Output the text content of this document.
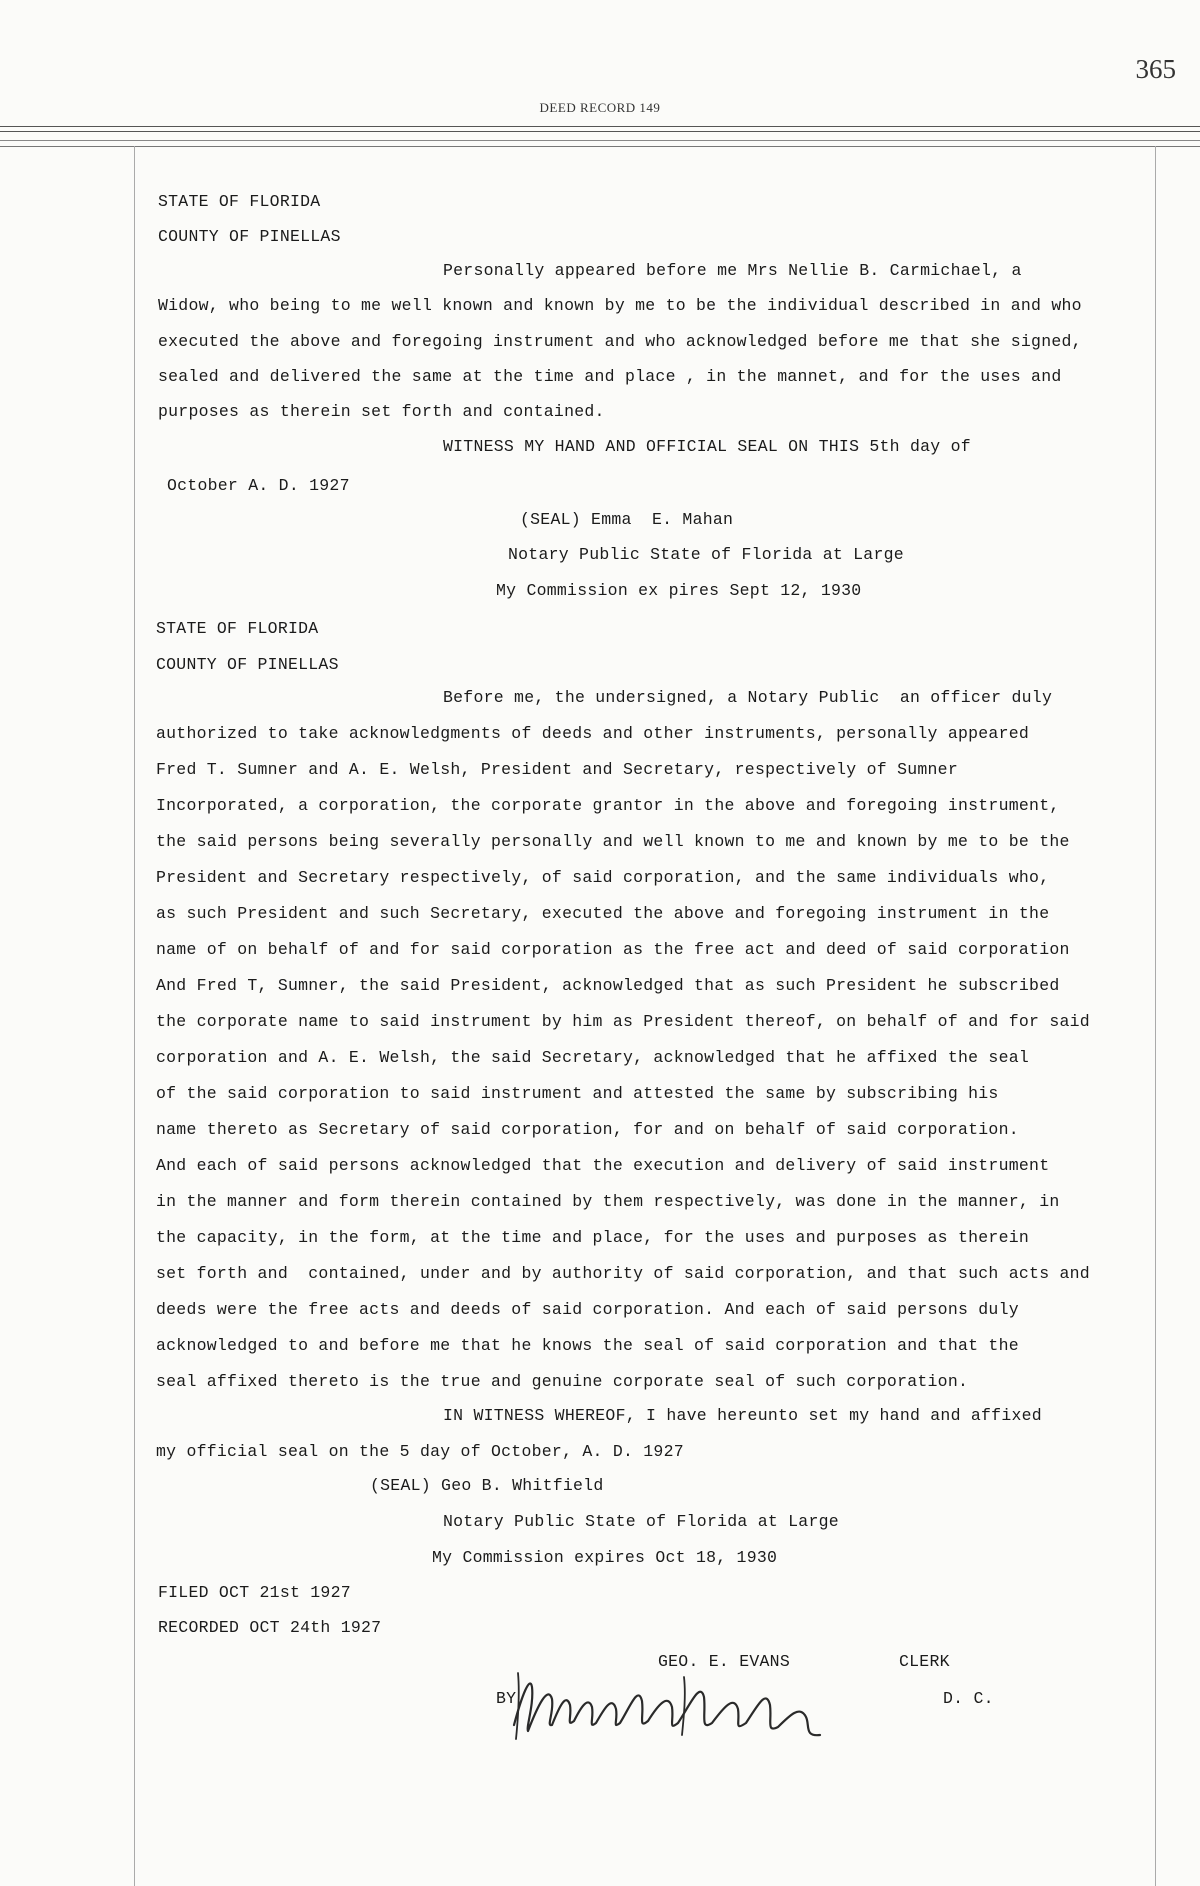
365
DEED RECORD 149
STATE OF FLORIDA
COUNTY OF PINELLAS
Personally appeared before me Mrs Nellie B. Carmichael, a
Widow, who being to me well known and known by me to be the individual described in and who
executed the above and foregoing instrument and who acknowledged before me that she signed,
sealed and delivered the same at the time and place , in the mannet, and for the uses and
purposes as therein set forth and contained.
WITNESS MY HAND AND OFFICIAL SEAL ON THIS 5th day of
October A. D. 1927
(SEAL) Emma  E. Mahan
Notary Public State of Florida at Large
My Commission ex pires Sept 12, 1930
STATE OF FLORIDA
COUNTY OF PINELLAS
Before me, the undersigned, a Notary Public  an officer duly
authorized to take acknowledgments of deeds and other instruments, personally appeared
Fred T. Sumner and A. E. Welsh, President and Secretary, respectively of Sumner
Incorporated, a corporation, the corporate grantor in the above and foregoing instrument,
the said persons being severally personally and well known to me and known by me to be the
President and Secretary respectively, of said corporation, and the same individuals who,
as such President and such Secretary, executed the above and foregoing instrument in the
name of on behalf of and for said corporation as the free act and deed of said corporation
And Fred T, Sumner, the said President, acknowledged that as such President he subscribed
the corporate name to said instrument by him as President thereof, on behalf of and for said
corporation and A. E. Welsh, the said Secretary, acknowledged that he affixed the seal
of the said corporation to said instrument and attested the same by subscribing his
name thereto as Secretary of said corporation, for and on behalf of said corporation.
And each of said persons acknowledged that the execution and delivery of said instrument
in the manner and form therein contained by them respectively, was done in the manner, in
the capacity, in the form, at the time and place, for the uses and purposes as therein
set forth and  contained, under and by authority of said corporation, and that such acts and
deeds were the free acts and deeds of said corporation. And each of said persons duly
acknowledged to and before me that he knows the seal of said corporation and that the
seal affixed thereto is the true and genuine corporate seal of such corporation.
IN WITNESS WHEREOF, I have hereunto set my hand and affixed
my official seal on the 5 day of October, A. D. 1927
(SEAL) Geo B. Whitfield
Notary Public State of Florida at Large
My Commission expires Oct 18, 1930
FILED OCT 21st 1927
RECORDED OCT 24th 1927
GEO. E. EVANS	CLERK
BY	D. C.
